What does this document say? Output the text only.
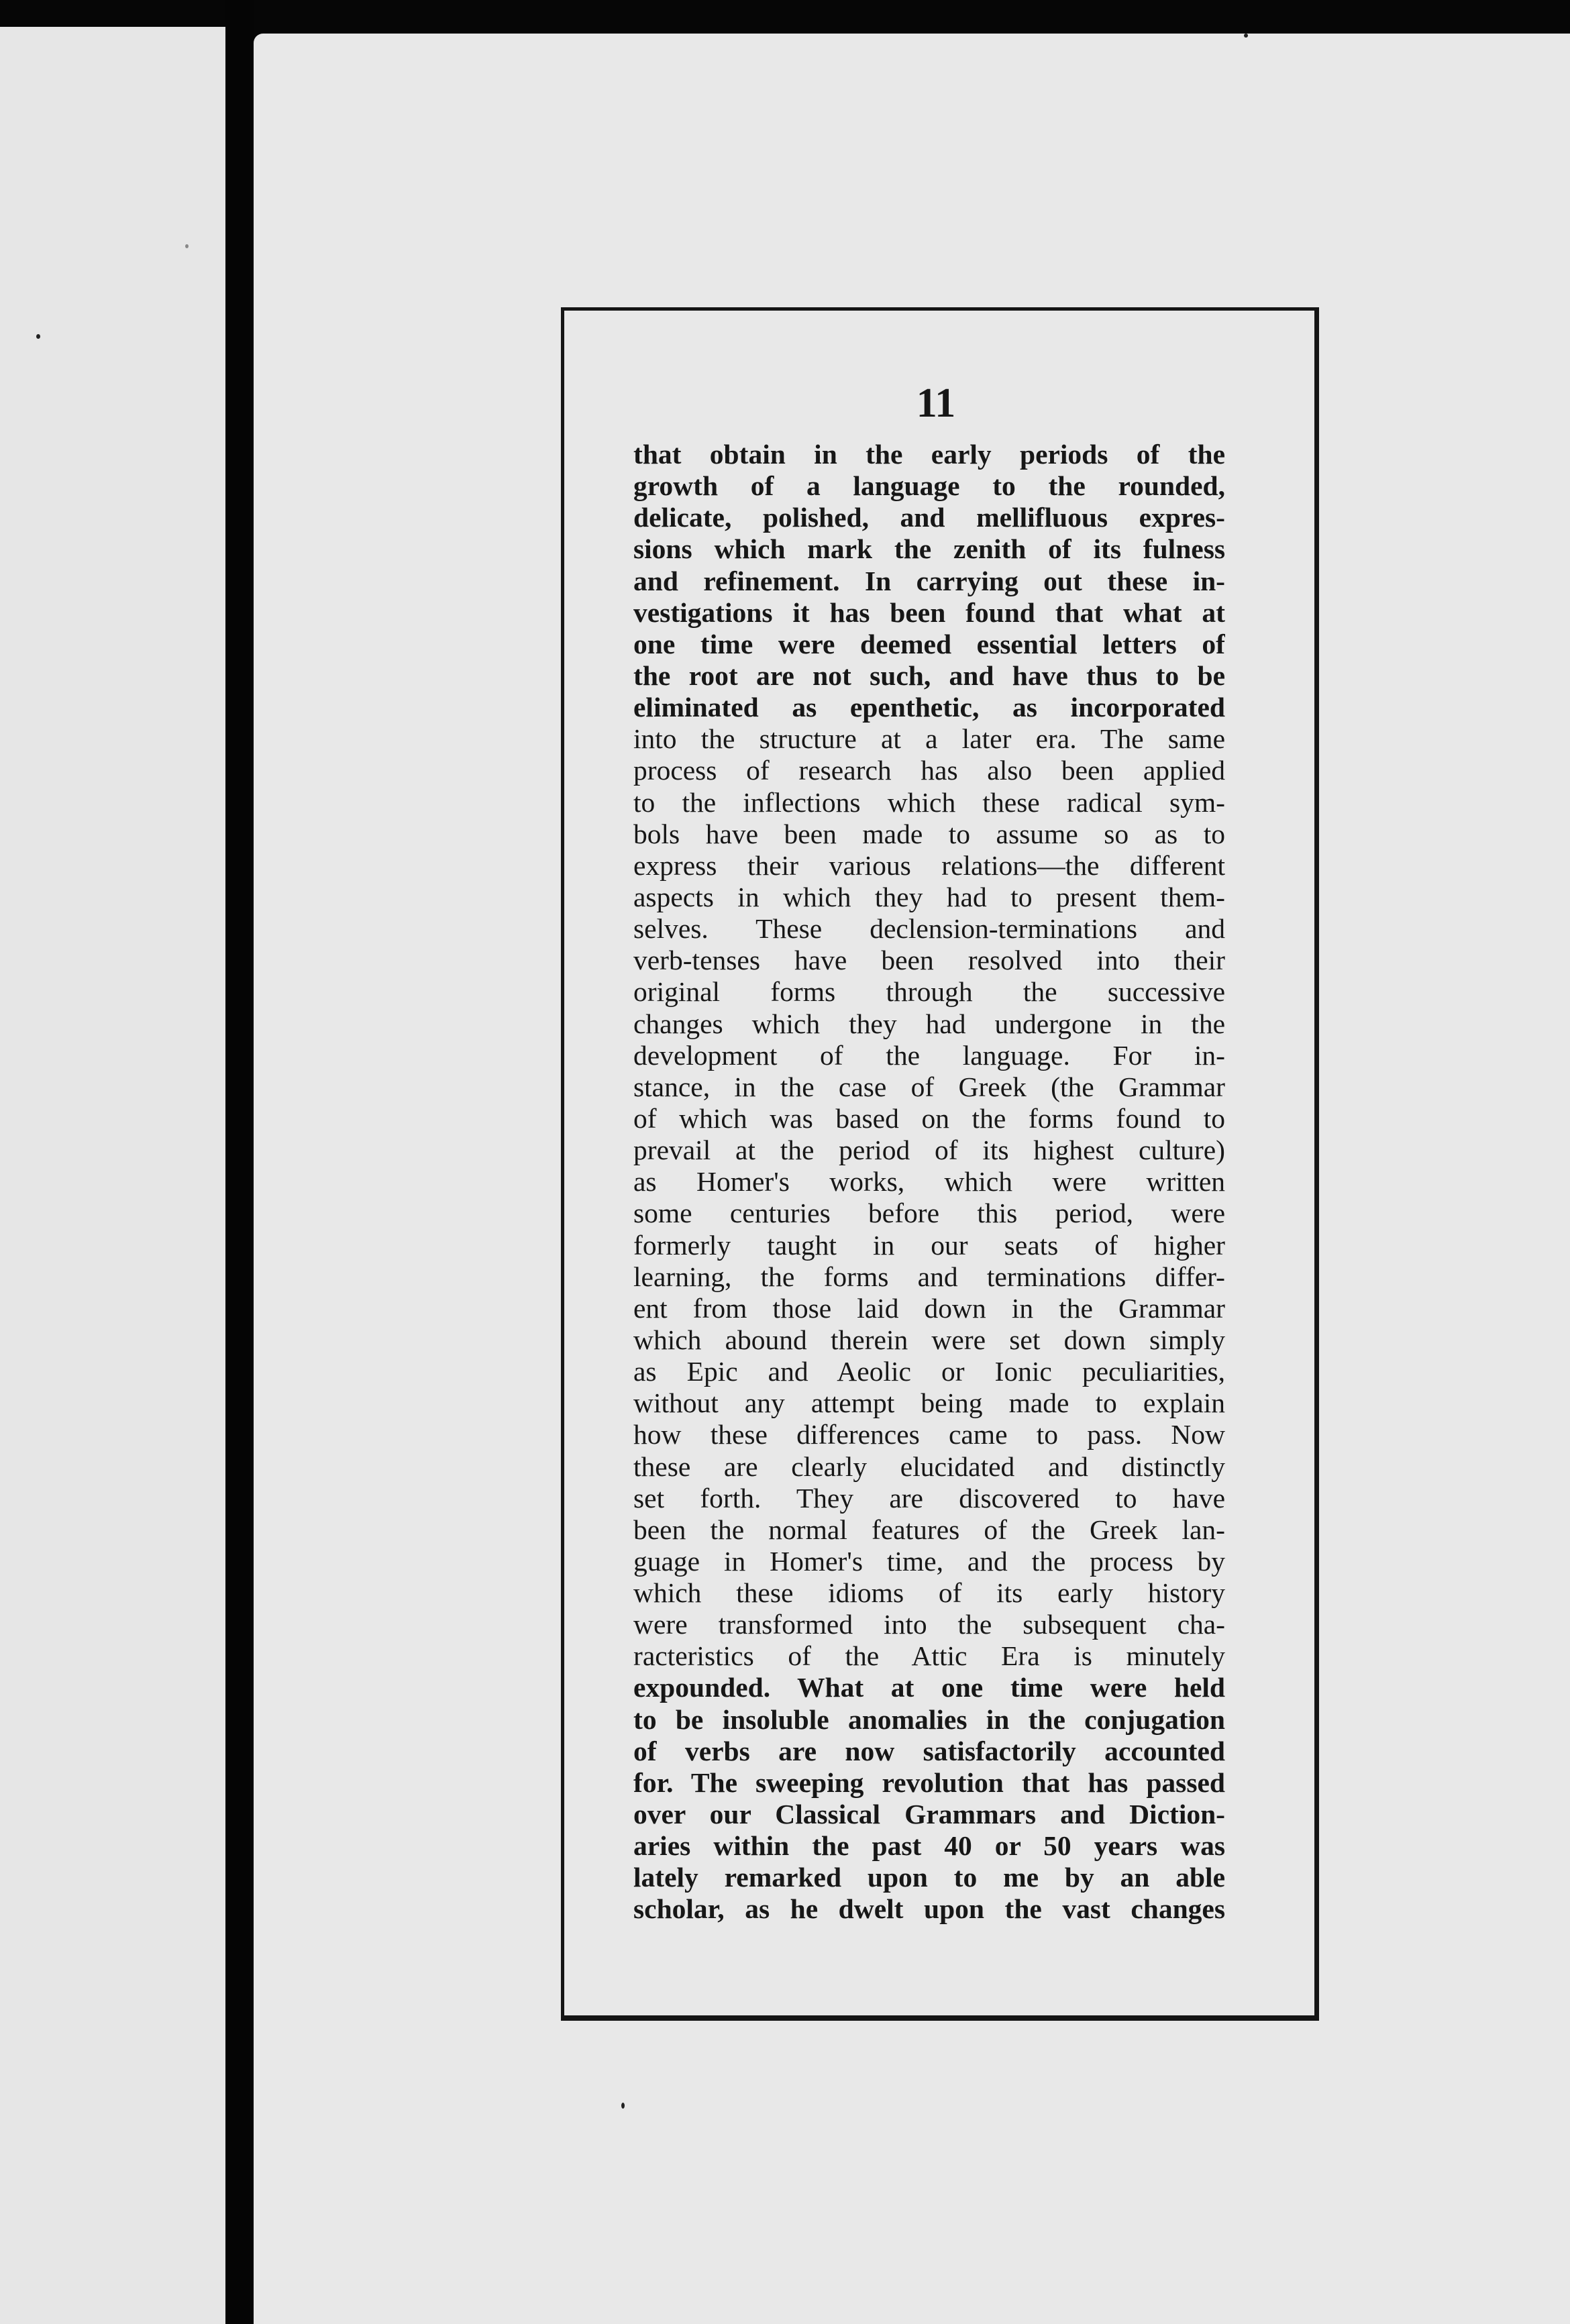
11
that obtain in the early periods of the
growth of a language to the rounded,
delicate, polished, and mellifluous expres-
sions which mark the zenith of its fulness
and refinement. In carrying out these in-
vestigations it has been found that what at
one time were deemed essential letters of
the root are not such, and have thus to be
eliminated as epenthetic, as incorporated
into the structure at a later era. The same
process of research has also been applied
to the inflections which these radical sym-
bols have been made to assume so as to
express their various relations—the different
aspects in which they had to present them-
selves. These declension-terminations and
verb-tenses have been resolved into their
original forms through the successive
changes which they had undergone in the
development of the language. For in-
stance, in the case of Greek (the Grammar
of which was based on the forms found to
prevail at the period of its highest culture)
as Homer's works, which were written
some centuries before this period, were
formerly taught in our seats of higher
learning, the forms and terminations differ-
ent from those laid down in the Grammar
which abound therein were set down simply
as Epic and Aeolic or Ionic peculiarities,
without any attempt being made to explain
how these differences came to pass. Now
these are clearly elucidated and distinctly
set forth. They are discovered to have
been the normal features of the Greek lan-
guage in Homer's time, and the process by
which these idioms of its early history
were transformed into the subsequent cha-
racteristics of the Attic Era is minutely
expounded. What at one time were held
to be insoluble anomalies in the conjugation
of verbs are now satisfactorily accounted
for. The sweeping revolution that has passed
over our Classical Grammars and Diction-
aries within the past 40 or 50 years was
lately remarked upon to me by an able
scholar, as he dwelt upon the vast changes
